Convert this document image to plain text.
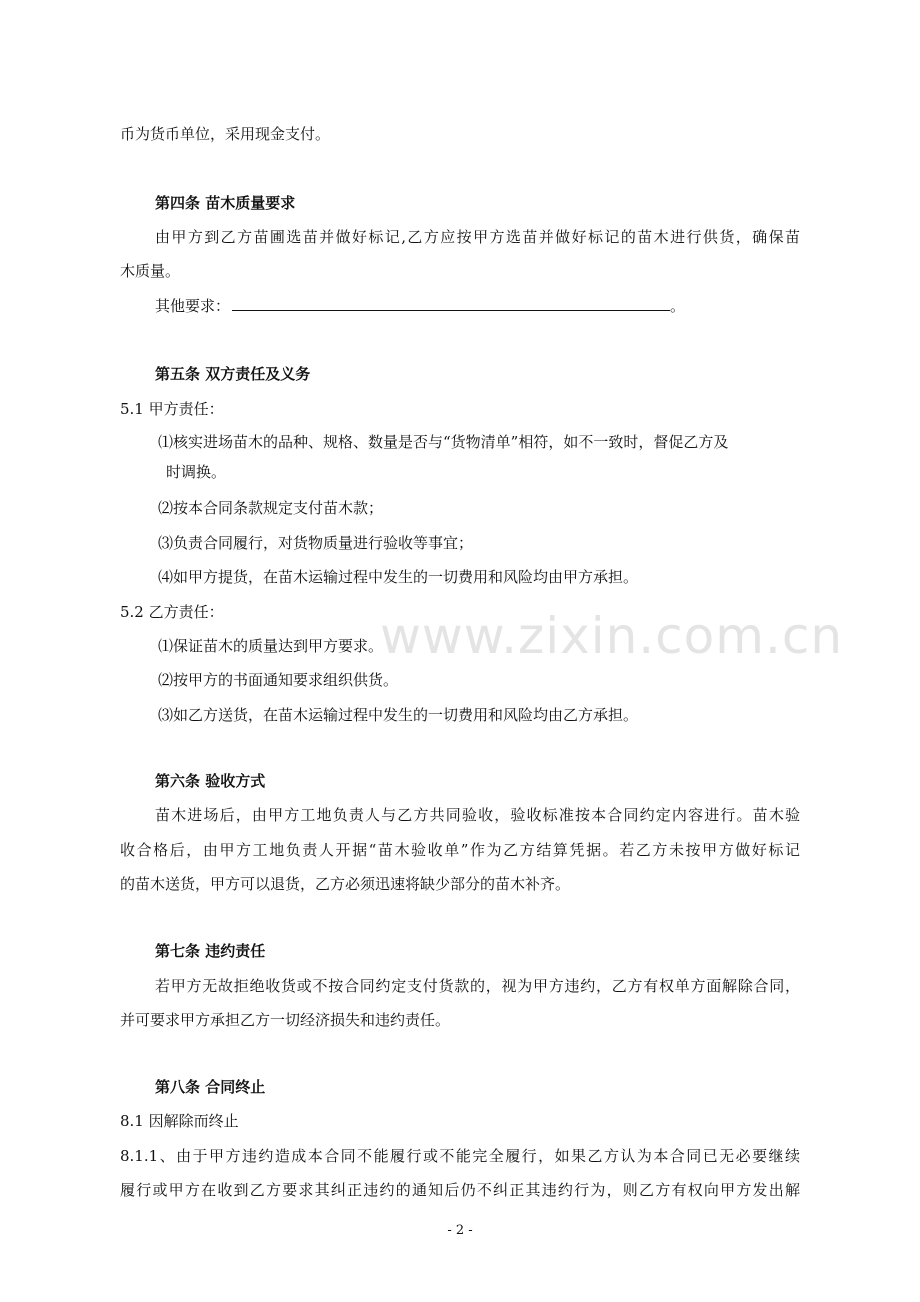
www.zixin.com.cn
币为货币单位，采用现金支付。
第四条 苗木质量要求
由甲方到乙方苗圃选苗并做好标记,乙方应按甲方选苗并做好标记的苗木进行供货，确保苗
木质量。
其他要求：	。
第五条 双方责任及义务
5.1 甲方责任：
⑴核实进场苗木的品种、规格、数量是否与“货物清单”相符，如不一致时，督促乙方及
时调换。
⑵按本合同条款规定支付苗木款；
⑶负责合同履行，对货物质量进行验收等事宜；
⑷如甲方提货，在苗木运输过程中发生的一切费用和风险均由甲方承担。
5.2 乙方责任：
⑴保证苗木的质量达到甲方要求。
⑵按甲方的书面通知要求组织供货。
⑶如乙方送货，在苗木运输过程中发生的一切费用和风险均由乙方承担。
第六条 验收方式
苗木进场后，由甲方工地负责人与乙方共同验收，验收标准按本合同约定内容进行。苗木验
收合格后，由甲方工地负责人开据“苗木验收单”作为乙方结算凭据。若乙方未按甲方做好标记
的苗木送货，甲方可以退货，乙方必须迅速将缺少部分的苗木补齐。
第七条 违约责任
若甲方无故拒绝收货或不按合同约定支付货款的，视为甲方违约，乙方有权单方面解除合同，
并可要求甲方承担乙方一切经济损失和违约责任。
第八条 合同终止
8.1 因解除而终止
8.1.1、由于甲方违约造成本合同不能履行或不能完全履行，如果乙方认为本合同已无必要继续
履行或甲方在收到乙方要求其纠正违约的通知后仍不纠正其违约行为，则乙方有权向甲方发出解
- 2 -
